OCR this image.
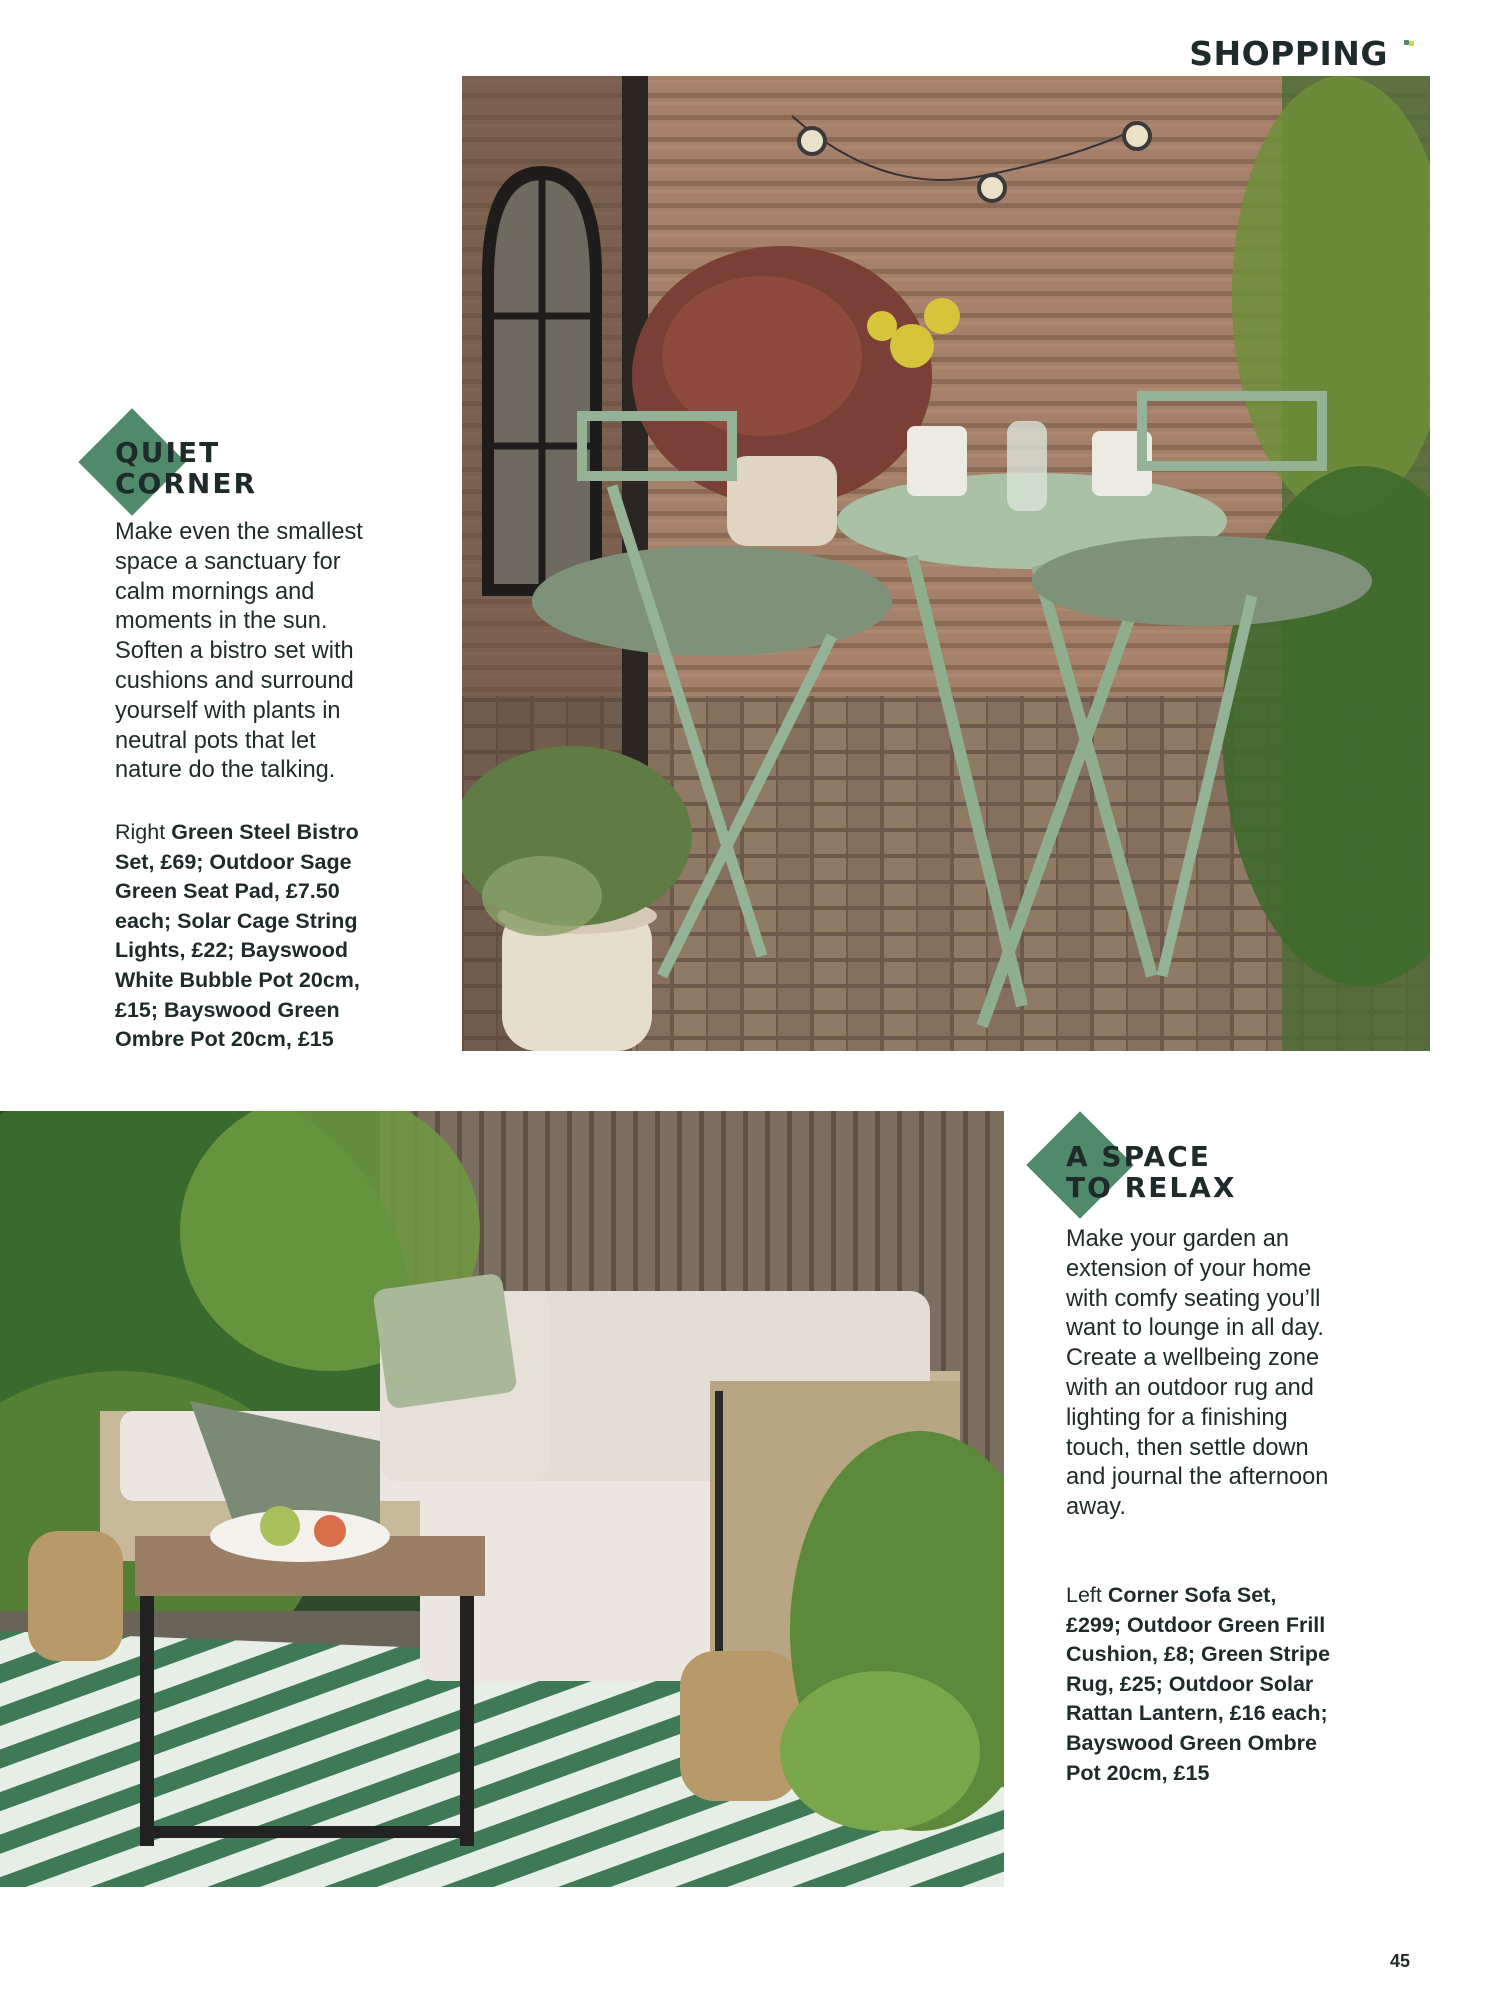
SHOPPING
QUIET
CORNER
Make even the smallest space a sanctuary for calm mornings and moments in the sun. Soften a bistro set with cushions and surround yourself with plants in neutral pots that let nature do the talking.
Right Green Steel Bistro Set, £69; Outdoor Sage Green Seat Pad, £7.50 each; Solar Cage String Lights, £22; Bayswood White Bubble Pot 20cm, £15; Bayswood Green Ombre Pot 20cm, £15
A SPACE
TO RELAX
Make your garden an extension of your home with comfy seating you’ll want to lounge in all day. Create a wellbeing zone with an outdoor rug and lighting for a finishing touch, then settle down and journal the afternoon away.
Left Corner Sofa Set, £299; Outdoor Green Frill Cushion, £8; Green Stripe Rug, £25; Outdoor Solar Rattan Lantern, £16 each; Bayswood Green Ombre Pot 20cm, £15
45
